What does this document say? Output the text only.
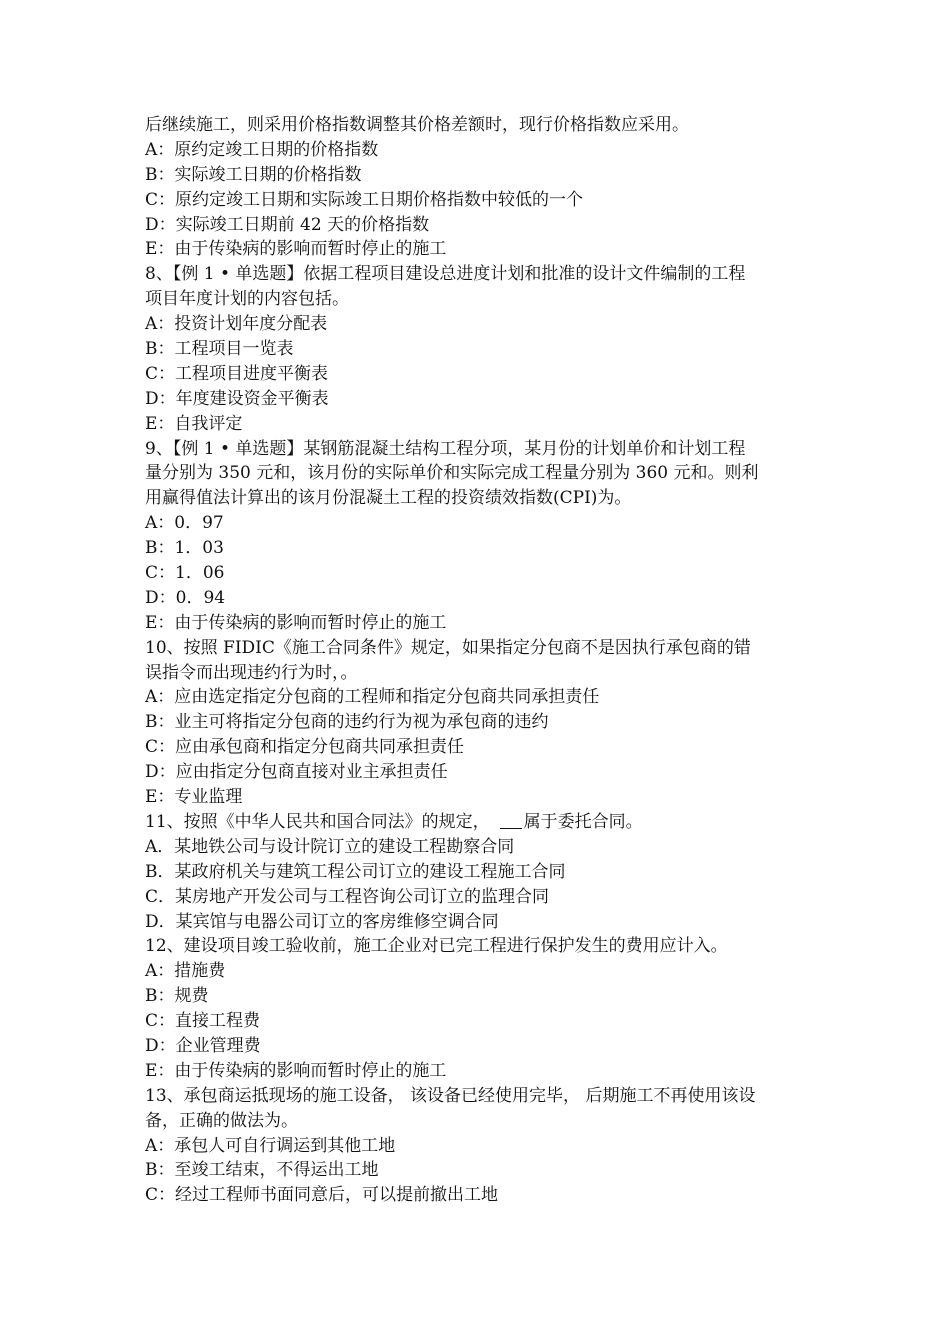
后继续施工，则采用价格指数调整其价格差额时，现行价格指数应采用。
A：原约定竣工日期的价格指数
B：实际竣工日期的价格指数
C：原约定竣工日期和实际竣工日期价格指数中较低的一个
D：实际竣工日期前 42 天的价格指数
E：由于传染病的影响而暂时停止的施工
8、【例 1 • 单选题】依据工程项目建设总进度计划和批准的设计文件编制的工程
项目年度计划的内容包括。
A：投资计划年度分配表
B：工程项目一览表
C：工程项目进度平衡表
D：年度建设资金平衡表
E：自我评定
9、【例 1 • 单选题】某钢筋混凝土结构工程分项，某月份的计划单价和计划工程
量分别为 350 元和，该月份的实际单价和实际完成工程量分别为 360 元和。则利
用赢得值法计算出的该月份混凝土工程的投资绩效指数(CPI)为。
A：0．97
B：1．03
C：1．06
D：0．94
E：由于传染病的影响而暂时停止的施工
10、按照 FIDIC《施工合同条件》规定，如果指定分包商不是因执行承包商的错
误指令而出现违约行为时，。
A：应由选定指定分包商的工程师和指定分包商共同承担责任
B：业主可将指定分包商的违约行为视为承包商的违约
C：应由承包商和指定分包商共同承担责任
D：应由指定分包商直接对业主承担责任
E：专业监理
11、按照《中华人民共和国合同法》的规定， 属于委托合同。
A．某地铁公司与设计院订立的建设工程勘察合同
B．某政府机关与建筑工程公司订立的建设工程施工合同
C．某房地产开发公司与工程咨询公司订立的监理合同
D．某宾馆与电器公司订立的客房维修空调合同
12、建设项目竣工验收前，施工企业对已完工程进行保护发生的费用应计入。
A：措施费
B：规费
C：直接工程费
D：企业管理费
E：由于传染病的影响而暂时停止的施工
13、承包商运抵现场的施工设备， 该设备已经使用完毕， 后期施工不再使用该设
备，正确的做法为。
A：承包人可自行调运到其他工地
B：至竣工结束，不得运出工地
C：经过工程师书面同意后，可以提前撤出工地
